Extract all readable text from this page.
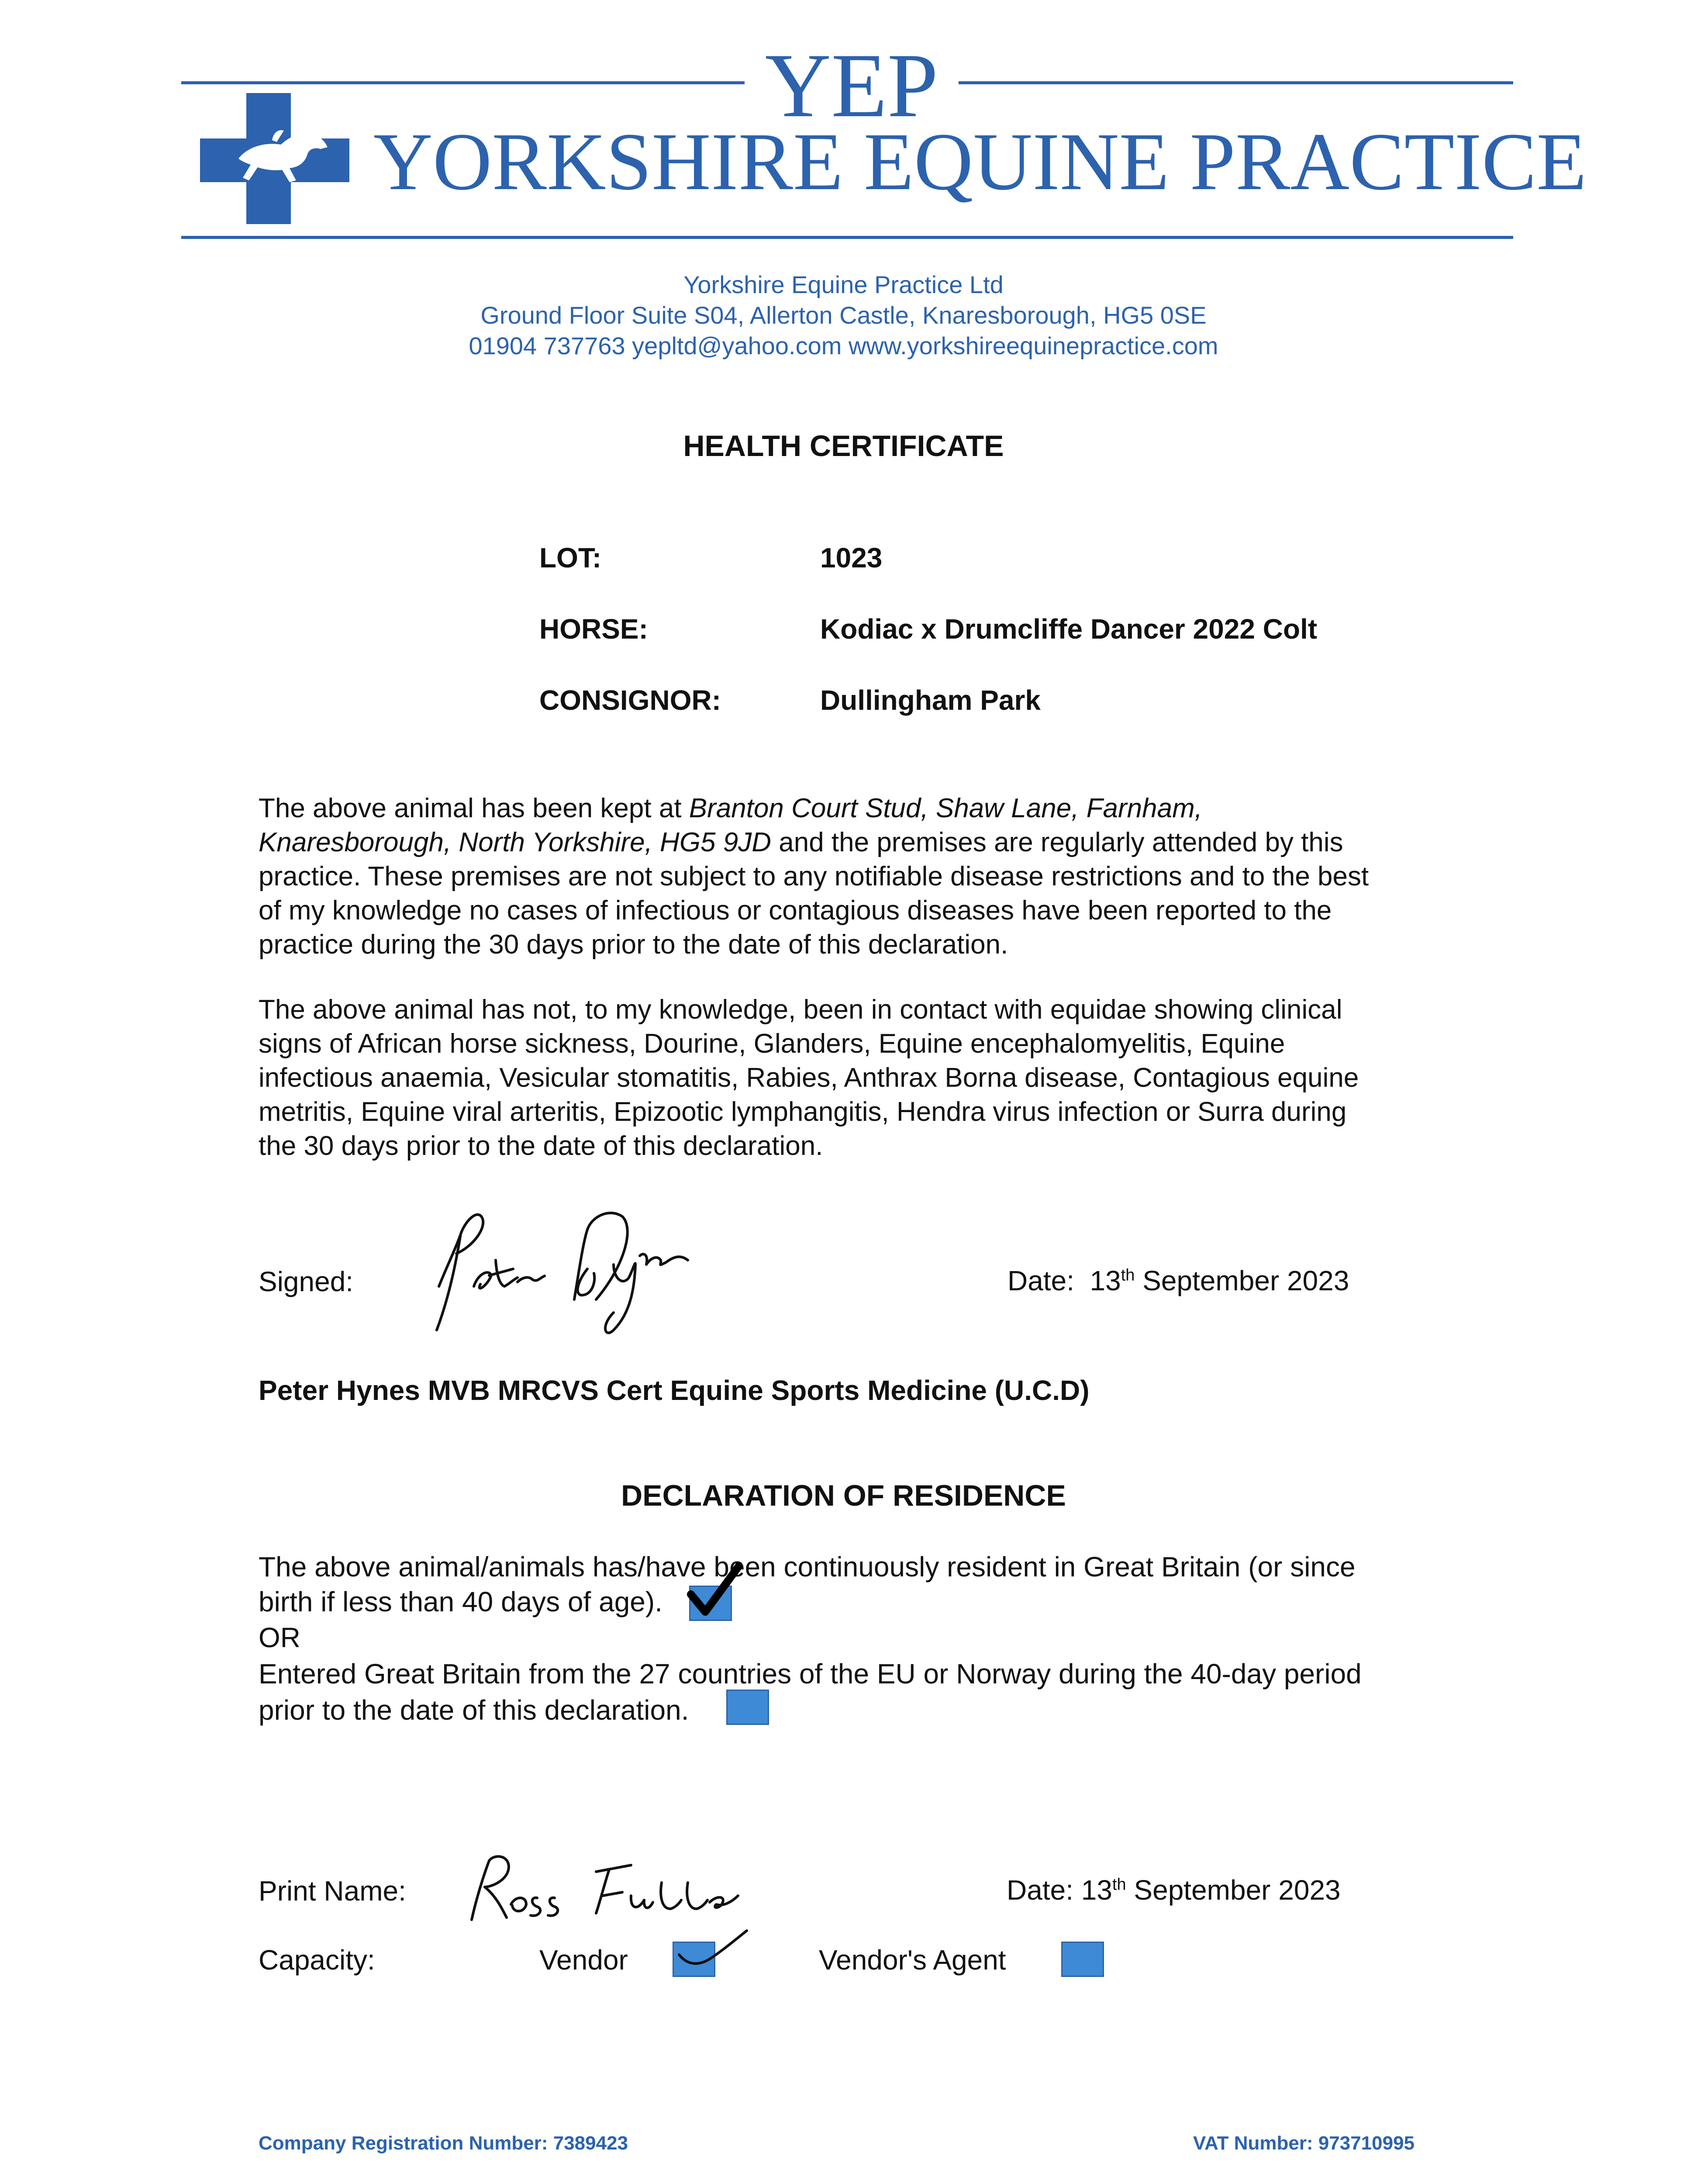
YEP
YORKSHIRE EQUINE PRACTICE
Yorkshire Equine Practice Ltd
Ground Floor Suite S04, Allerton Castle, Knaresborough, HG5 0SE
01904 737763 yepltd@yahoo.com www.yorkshireequinepractice.com
HEALTH CERTIFICATE
LOT:	1023
HORSE:	Kodiac x Drumcliffe Dancer 2022 Colt
CONSIGNOR:	Dullingham Park
The above animal has been kept at Branton Court Stud, Shaw Lane, Farnham,
Knaresborough, North Yorkshire, HG5 9JD and the premises are regularly attended by this
practice. These premises are not subject to any notifiable disease restrictions and to the best
of my knowledge no cases of infectious or contagious diseases have been reported to the
practice during the 30 days prior to the date of this declaration.
The above animal has not, to my knowledge, been in contact with equidae showing clinical
signs of African horse sickness, Dourine, Glanders, Equine encephalomyelitis, Equine
infectious anaemia, Vesicular stomatitis, Rabies, Anthrax Borna disease, Contagious equine
metritis, Equine viral arteritis, Epizootic lymphangitis, Hendra virus infection or Surra during
the 30 days prior to the date of this declaration.
Signed:	Date: 13th September 2023
Peter Hynes MVB MRCVS Cert Equine Sports Medicine (U.C.D)
DECLARATION OF RESIDENCE
The above animal/animals has/have been continuously resident in Great Britain (or since
birth if less than 40 days of age).
OR
Entered Great Britain from the 27 countries of the EU or Norway during the 40-day period
prior to the date of this declaration.
Print Name:	Date: 13th September 2023
Capacity:	Vendor	Vendor's Agent
Company Registration Number: 7389423	VAT Number: 973710995
